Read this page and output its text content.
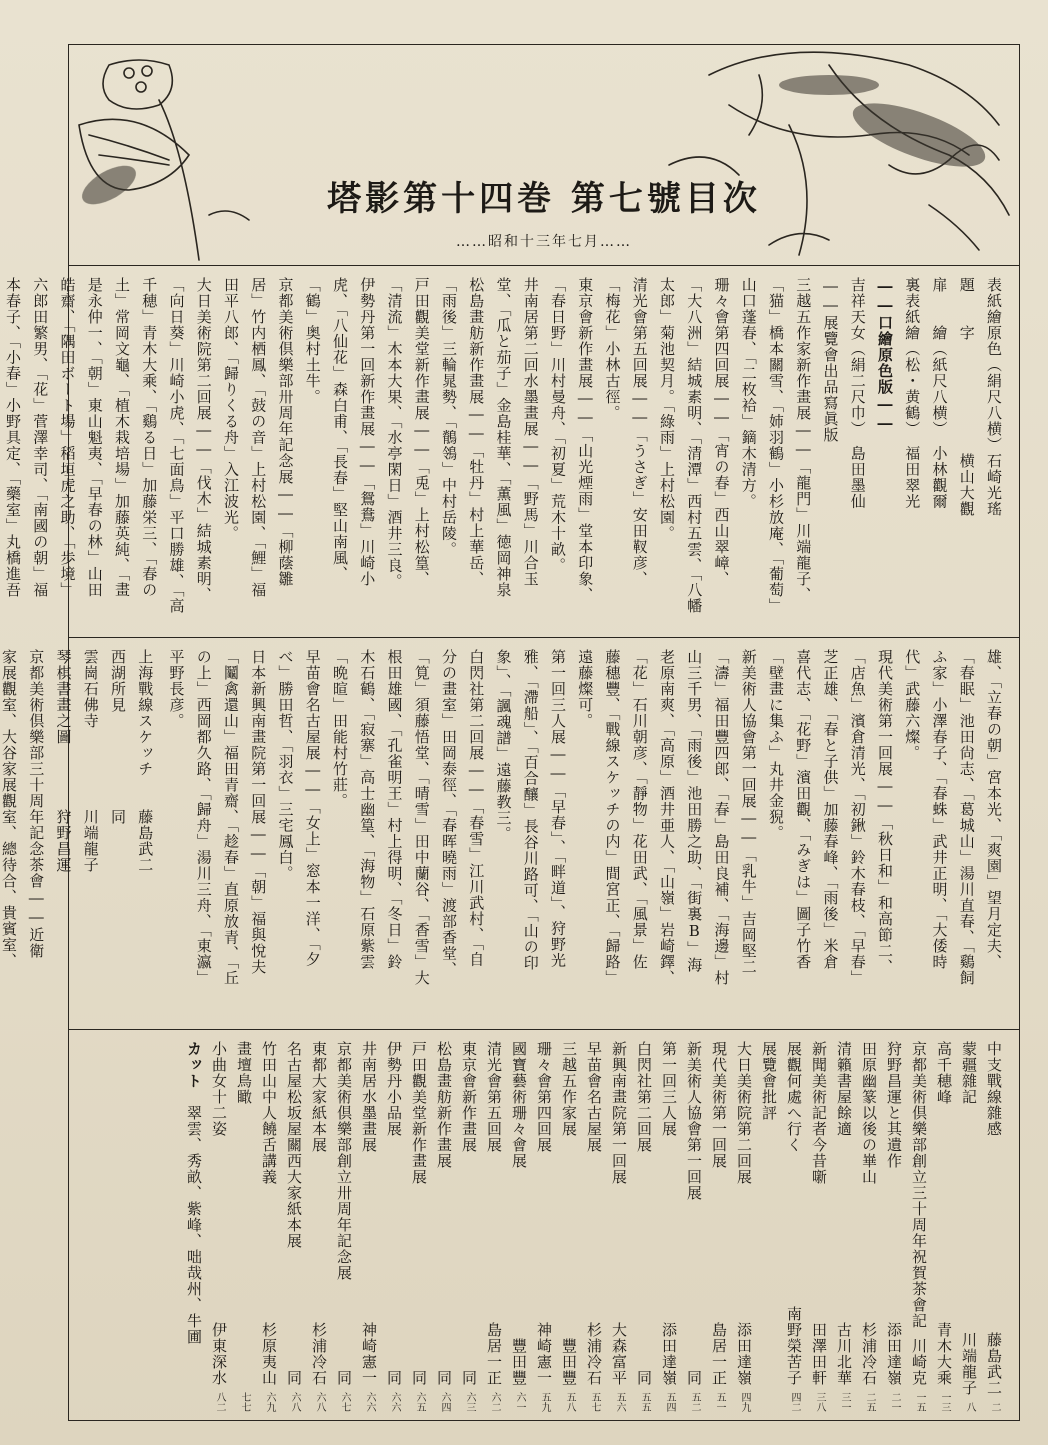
塔影第十四巻 第七號目次
……昭和十三年七月……
表紙繪原色（絹尺八横）石崎光瑤
題　　字　　　　　　　横山大觀
扉　　繪（紙尺八横）　小林觀爾
裏表紙繪（松・黄鶴）　福田翠光
――口繪原色版――
吉祥天女（絹二尺巾）　島田墨仙
――展覽會出品寫眞版
三越五作家新作畫展――「龍門」川端龍子、
「猫」橋本關雪、「姉羽鶴」小杉放庵、「葡萄」
山口蓬春、「二枚袷」鏑木清方。
珊々會第四回展――「宵の春」西山翠嶂、
「大八洲」結城素明、「清潭」西村五雲、「八幡
太郎」菊池契月。「綠雨」上村松園。
清光會第五回展――「うさぎ」安田靫彦、
「梅花」小林古徑。
東京會新作畫展――「山光煙雨」堂本印象、
「春日野」川村曼舟、「初夏」荒木十畝。
井南居第二回水墨畫展――「野馬」川合玉
堂、「瓜と茄子」金島桂華、「薫風」徳岡神泉
松島畫舫新作畫展――「牡丹」村上華岳、
「雨後」三輪晁勢、「鶺鴒」中村岳陵。
戸田觀美堂新作畫展――「兎」上村松篁、
「清流」木本大果、「水亭閑日」酒井三良。
伊勢丹第一回新作畫展――「鴛鴦」川崎小
虎、「八仙花」森白甫、「長春」堅山南風、
「鶴」奥村土牛。
京都美術倶樂部卅周年記念展――「柳蔭雛
居」竹内栖鳳、「鼓の音」上村松園、「鯉」福
田平八郎、「歸りくる舟」入江波光。
大日美術院第二回展――「伐木」結城素明、
「向日葵」川崎小虎、「七面鳥」平口勝雄、「高
千穂」青木大乘、「鷄る日」加藤栄三、「春の
土」常岡文龜、「植木栽培場」加藤英純、「畫
是永仲一、「朝」東山魁夷、「早春の林」山田
皓齋、「隅田ボート場」稻垣虎之助、「歩境」
六郎田繁男、「花」菅澤幸司、「南國の朝」福
本春子、「小春」小野具定、「藥室」丸橋進吾
雄、「立春の朝」宮本光、「爽園」望月定夫、
「春眠」池田尙志、「葛城山」湯川直春、「鷄飼
ふ家」小澤春子、「春蛛」武井正明、「大倭時
代」武藤六燦。
現代美術第一回展――「秋日和」和高節二、
「店魚」濱倉清光、「初鍬」鈴木春枝、「早春」
芝正雄、「春と子供」加藤春峰、「雨後」米倉
喜代志、「花野」濱田觀、「みぎは」圖子竹香
「壁畫に集ふ」丸井金猊。
新美術人協會第一回展――「乳牛」吉岡堅二
「濤」福田豐四郎、「春」島田良補、「海邊」村
山三千男、「雨後」池田勝之助、「街裏B」海
老原南爽、「高原」酒井亜人、「山嶺」岩崎鐸、
「花」石川朝彦、「靜物」花田武、「風景」佐
藤穗豐、「戰線スケッチの内」間宮正、「歸路」
遠藤燦可。
第一回三人展――「早春」、「畔道」、狩野光
雅、「滯船」、「百合釀」長谷川路可、「山の印
象」、「諷魂譜」遠藤教三。
白閃社第二回展――「春雪」江川武村、「自
分の畫室」田岡泰徑、「春晖曉雨」渡部香堂、
「筧」須藤悟堂、「晴雪」田中蘭谷、「香雪」大
根田雄國、「孔雀明王」村上得明、「冬日」鈴
木石鶴、「寂寨」高士幽篁、「海物」石原紫雲
「晩暄」田能村竹莊。
早苗會名古屋展――「女上」窓本一洋、「夕
べ」勝田哲、「羽衣」三宅鳳白。
日本新興南畫院第一回展――「朝」福與悅夫
「鬮禽還山」福田青齋、「趁春」直原放青、「丘
の上」西岡都久路、「歸舟」湯川三舟、「東瀛」
平野長彦。
上海戰線スケッチ　　藤島武二
西湖所見　　　　　　同
雲崗石佛寺　　　　　川端龍子
琴棋書畫之圖　　　　狩野昌運
京都美術倶樂部三十周年記念茶會――近衛
家展觀室、大谷家展觀室、總待合、貴賓室、
中支戰線雜感
藤島武二
二
蒙疆雜記
川端龍子
八
高千穂峰
青木大乘
一三
京都美術倶樂部創立三十周年祝賀茶會記
川崎克
一五
狩野昌運と其遺作
添田達嶺
二一
田原幽篆以後の崋山
杉浦冷石
二五
清籟書屋餘適
古川北華
三一
新聞美術記者今昔噺
田澤田軒
三八
展觀何處へ行く
南野榮苦子
四二
展覽會批評
大日美術院第二回展
添田達嶺
四九
現代美術第一回展
島居一正
五一
新美術人協會第一回展
同
五二
第一回三人展
添田達嶺
五四
白閃社第二回展
同
五五
新興南畫院第一回展
大森富平
五六
早苗會名古屋展
杉浦冷石
五七
三越五作家展
豐田豐
五八
珊々會第四回展
神崎憲一
五九
國寶藝術珊々會展
豐田豐
六一
清光會第五回展
島居一正
六二
東京會新作畫展
同
六三
松島畫舫新作畫展
同
六四
戸田觀美堂新作畫展
同
六五
伊勢丹小品展
同
六六
井南居水墨畫展
神崎憲一
六六
京都美術倶樂部創立卅周年記念展
同
六七
東都大家紙本展
杉浦冷石
六八
名古屋松坂屋關西大家紙本展
同
六八
竹田山中人饒舌講義
杉原夷山
六九
畫壇鳥瞰
七七
小曲女十二姿
伊東深水
八二
カット　翠雲、秀畝、紫峰、咄哉州、牛圃
